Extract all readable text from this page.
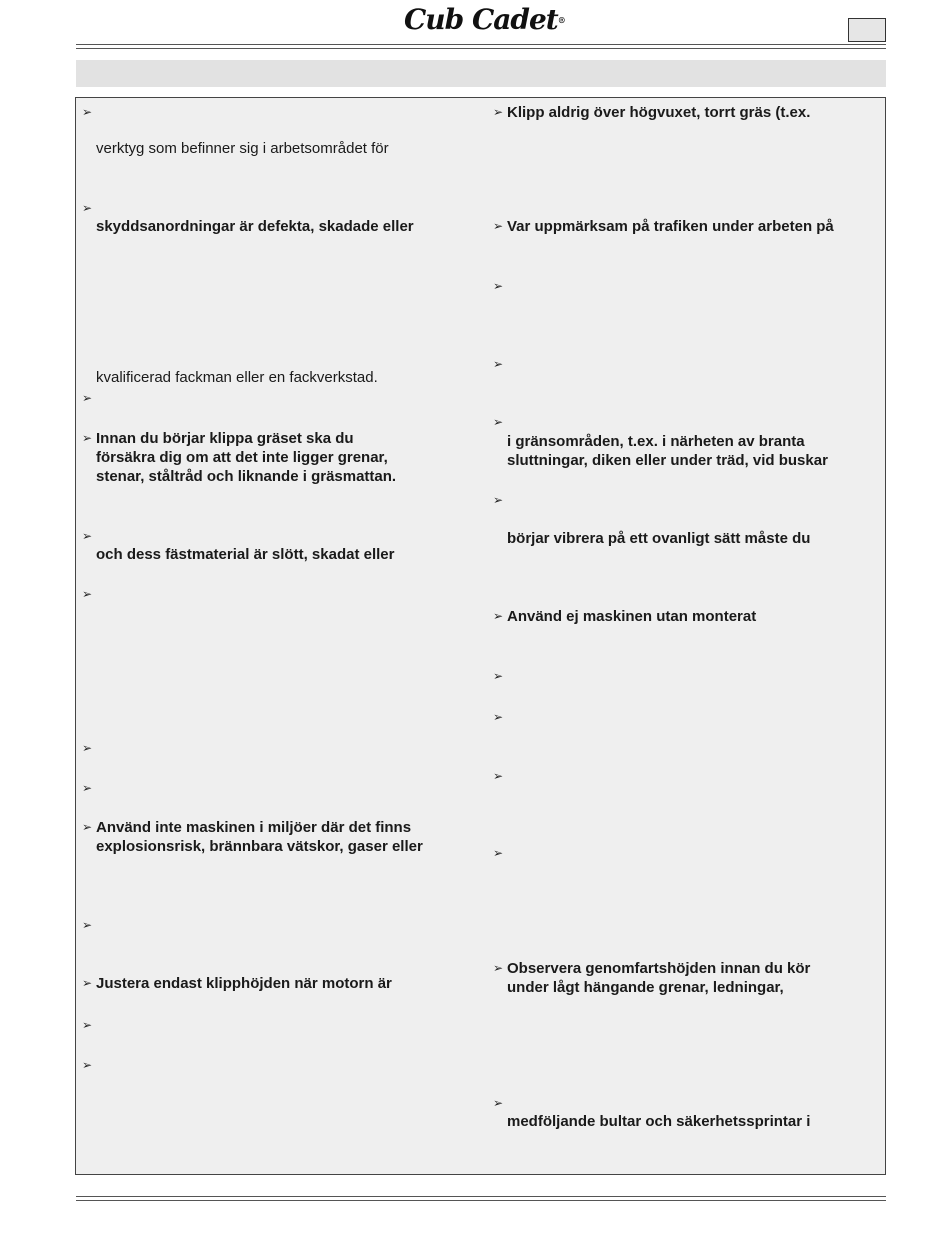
Cub Cadet®
➢
verktyg som befinner sig i arbetsområdet för
➢
skyddsanordningar är defekta, skadade eller
kvalificerad fackman eller en fackverkstad.
➢
➢ Innan du börjar klippa gräset ska du
försäkra dig om att det inte ligger grenar,
stenar, ståltråd och liknande i gräsmattan.
➢
och dess fästmaterial är slött, skadat eller
➢
➢
➢
➢ Använd inte maskinen i miljöer där det finns
explosionsrisk, brännbara vätskor, gaser eller
➢
➢ Justera endast klipphöjden när motorn är
➢
➢
➢ Klipp aldrig över högvuxet, torrt gräs (t.ex.
➢ Var uppmärksam på trafiken under arbeten på
➢
➢
➢
i gränsområden, t.ex. i närheten av branta
sluttningar, diken eller under träd, vid buskar
➢
börjar vibrera på ett ovanligt sätt måste du
➢ Använd ej maskinen utan monterat
➢
➢
➢
➢
➢ Observera genomfartshöjden innan du kör
under lågt hängande grenar, ledningar,
➢
medföljande bultar och säkerhetssprintar i
